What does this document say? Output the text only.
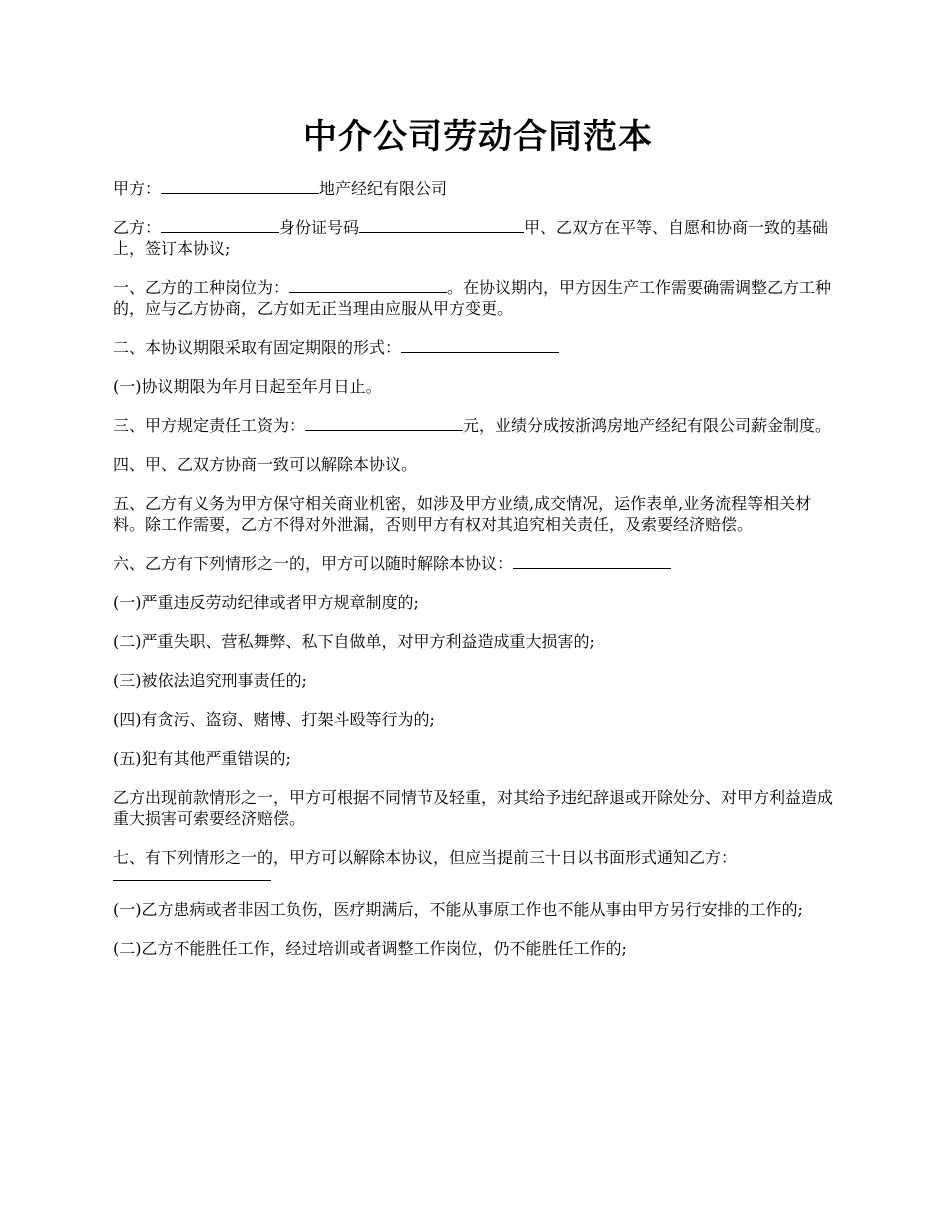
中介公司劳动合同范本

甲方：	地产经纪有限公司

乙方：	身份证号码	甲、乙双方在平等、自愿和协商一致的基础上，签订本协议;

一、乙方的工种岗位为：	。在协议期内，甲方因生产工作需要确需调整乙方工种的，应与乙方协商，乙方如无正当理由应服从甲方变更。

二、本协议期限采取有固定期限的形式：

(一)协议期限为年月日起至年月日止。

三、甲方规定责任工资为：	元，业绩分成按浙鸿房地产经纪有限公司薪金制度。

四、甲、乙双方协商一致可以解除本协议。

五、乙方有义务为甲方保守相关商业机密，如涉及甲方业绩,成交情况，运作表单,业务流程等相关材料。除工作需要，乙方不得对外泄漏，否则甲方有权对其追究相关责任，及索要经济赔偿。

六、乙方有下列情形之一的，甲方可以随时解除本协议：

(一)严重违反劳动纪律或者甲方规章制度的;

(二)严重失职、营私舞弊、私下自做单，对甲方利益造成重大损害的;

(三)被依法追究刑事责任的;

(四)有贪污、盗窃、赌博、打架斗殴等行为的;

(五)犯有其他严重错误的;

乙方出现前款情形之一，甲方可根据不同情节及轻重，对其给予违纪辞退或开除处分、对甲方利益造成重大损害可索要经济赔偿。

七、有下列情形之一的，甲方可以解除本协议，但应当提前三十日以书面形式通知乙方：

(一)乙方患病或者非因工负伤，医疗期满后，不能从事原工作也不能从事由甲方另行安排的工作的;

(二)乙方不能胜任工作，经过培训或者调整工作岗位，仍不能胜任工作的;
